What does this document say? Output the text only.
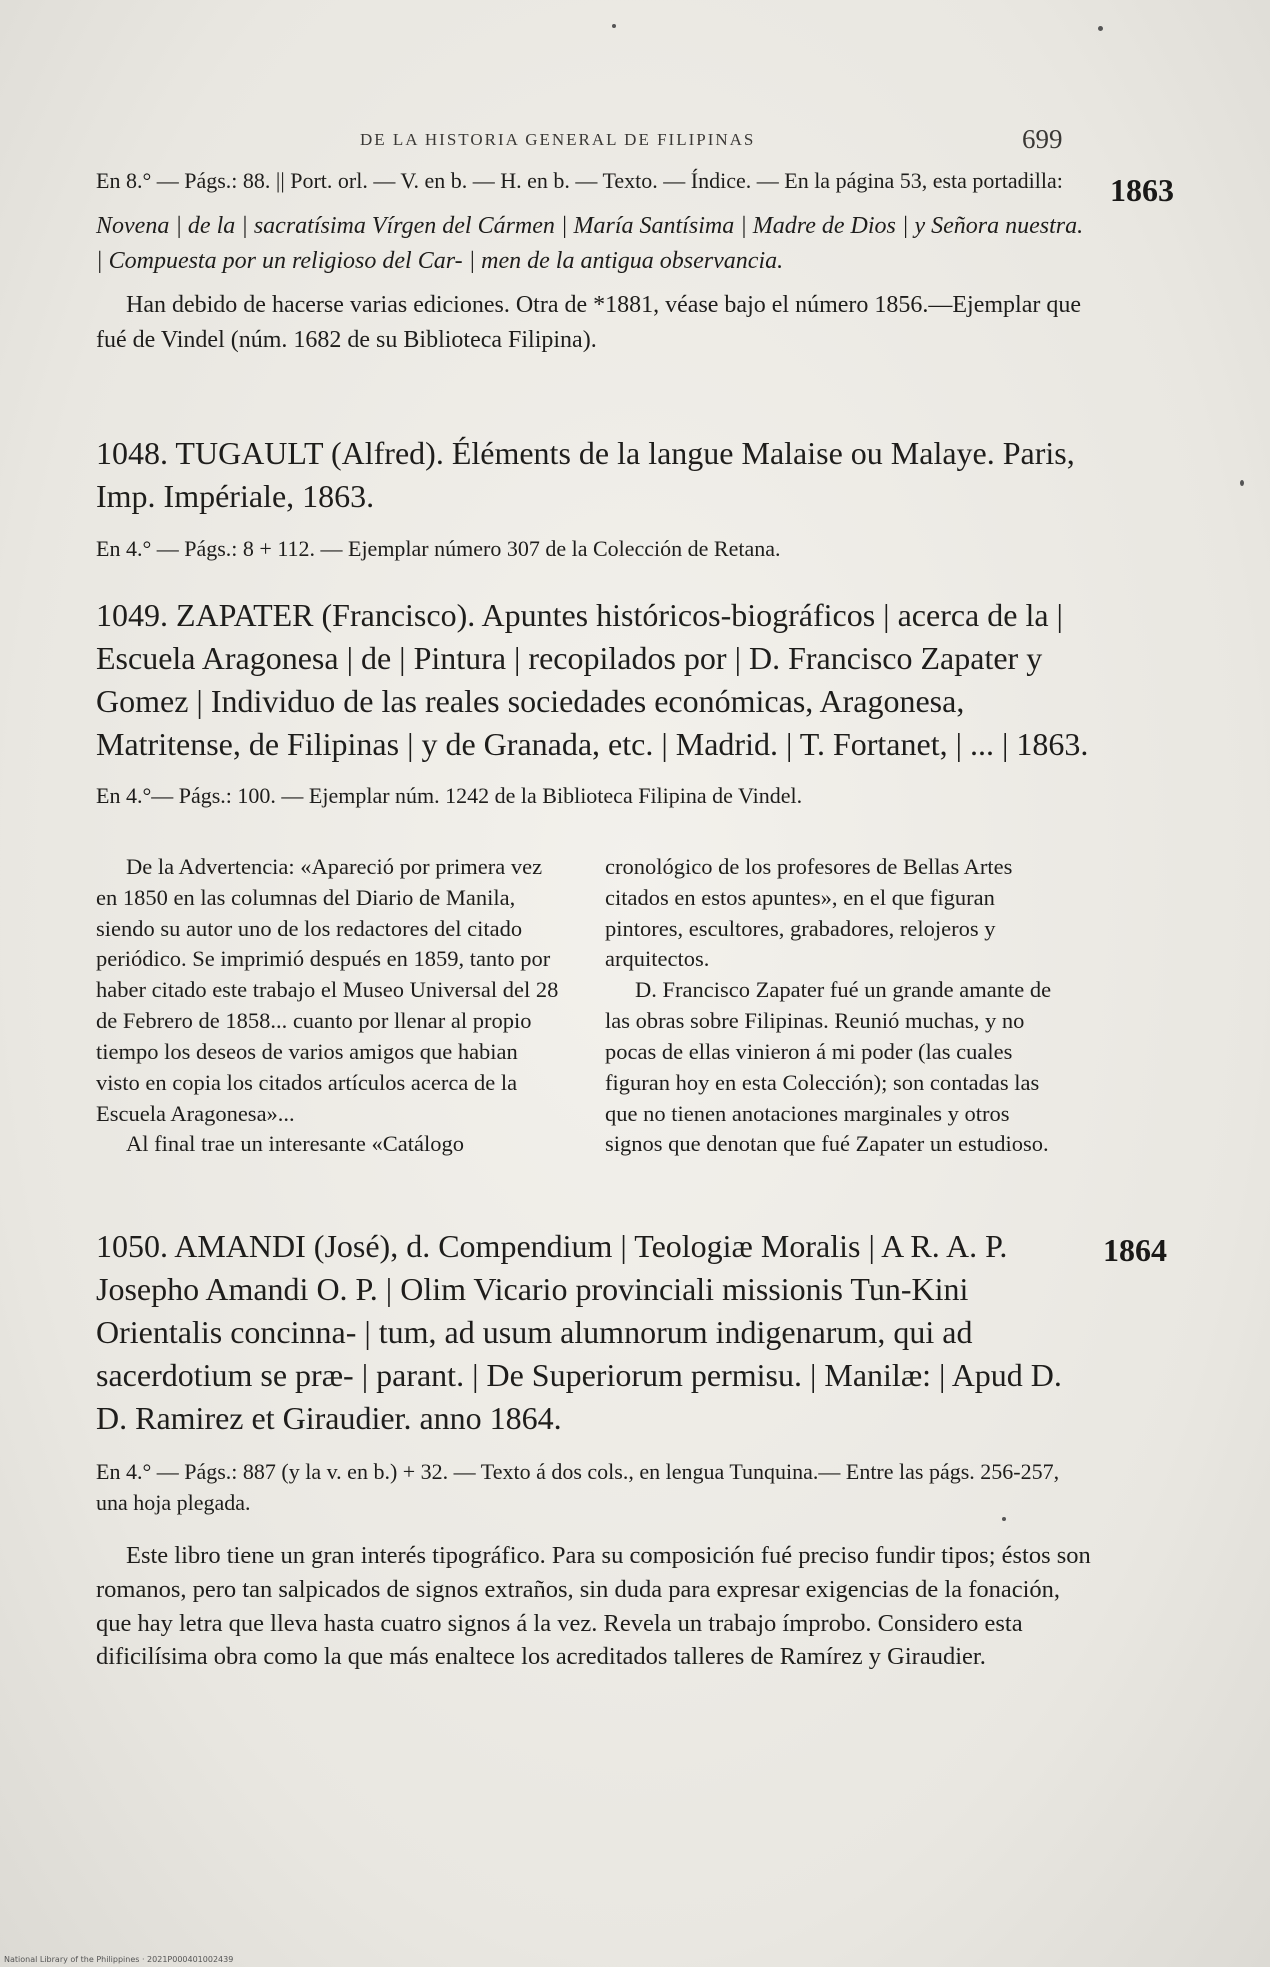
DE LA HISTORIA GENERAL DE FILIPINAS	699
1863
1864

En 8.° — Págs.: 88. || Port. orl. — V. en b. — H. en b. — Texto. — Índice. — En la página 53, esta portadilla:

Novena | de la | sacratísima Vírgen del Cármen | María Santísima | Madre de Dios | y Señora nuestra. | Compuesta por un religioso del Car- | men de la antigua observancia.

Han debido de hacerse varias ediciones. Otra de *1881, véase bajo el número 1856.—Ejemplar que fué de Vindel (núm. 1682 de su Biblioteca Filipina).

1048. TUGAULT (Alfred). Éléments de la langue Malaise ou Malaye. Paris, Imp. Impériale, 1863.

En 4.° — Págs.: 8 + 112. — Ejemplar número 307 de la Colección de Retana.

1049. ZAPATER (Francisco). Apuntes históricos-biográficos | acerca de la | Escuela Aragonesa | de | Pintura | recopilados por | D. Francisco Zapater y Gomez | Individuo de las reales sociedades económicas, Aragonesa, Matritense, de Filipinas | y de Granada, etc. | Madrid. | T. Fortanet, | ... | 1863.

En 4.°— Págs.: 100. — Ejemplar núm. 1242 de la Biblioteca Filipina de Vindel.

De la Advertencia: «Apareció por primera vez en 1850 en las columnas del Diario de Manila, siendo su autor uno de los redactores del citado periódico. Se imprimió después en 1859, tanto por haber citado este trabajo el Museo Universal del 28 de Febrero de 1858... cuanto por llenar al propio tiempo los deseos de varios amigos que habian visto en copia los citados artículos acerca de la Escuela Aragonesa»...

Al final trae un interesante «Catálogo

cronológico de los profesores de Bellas Artes citados en estos apuntes», en el que figuran pintores, escultores, grabadores, relojeros y arquitectos.

D. Francisco Zapater fué un grande amante de las obras sobre Filipinas. Reunió muchas, y no pocas de ellas vinieron á mi poder (las cuales figuran hoy en esta Colección); son contadas las que no tienen anotaciones marginales y otros signos que denotan que fué Zapater un estudioso.

1050. AMANDI (José), d. Compendium | Teologiæ Moralis | A R. A. P. Josepho Amandi O. P. | Olim Vicario provinciali missionis Tun-Kini Orientalis concinna- | tum, ad usum alumnorum indigenarum, qui ad sacerdotium se præ- | parant. | De Superiorum permisu. | Manilæ: | Apud D. D. Ramirez et Giraudier. anno 1864.

En 4.° — Págs.: 887 (y la v. en b.) + 32. — Texto á dos cols., en lengua Tunquina.— Entre las págs. 256-257, una hoja plegada.

Este libro tiene un gran interés tipográfico. Para su composición fué preciso fundir tipos; éstos son romanos, pero tan salpicados de signos extraños, sin duda para expresar exigencias de la fonación, que hay letra que lleva hasta cuatro signos á la vez. Revela un trabajo ímprobo. Considero esta dificilísima obra como la que más enaltece los acreditados talleres de Ramírez y Giraudier.

National Library of the Philippines · 2021P000401002439
